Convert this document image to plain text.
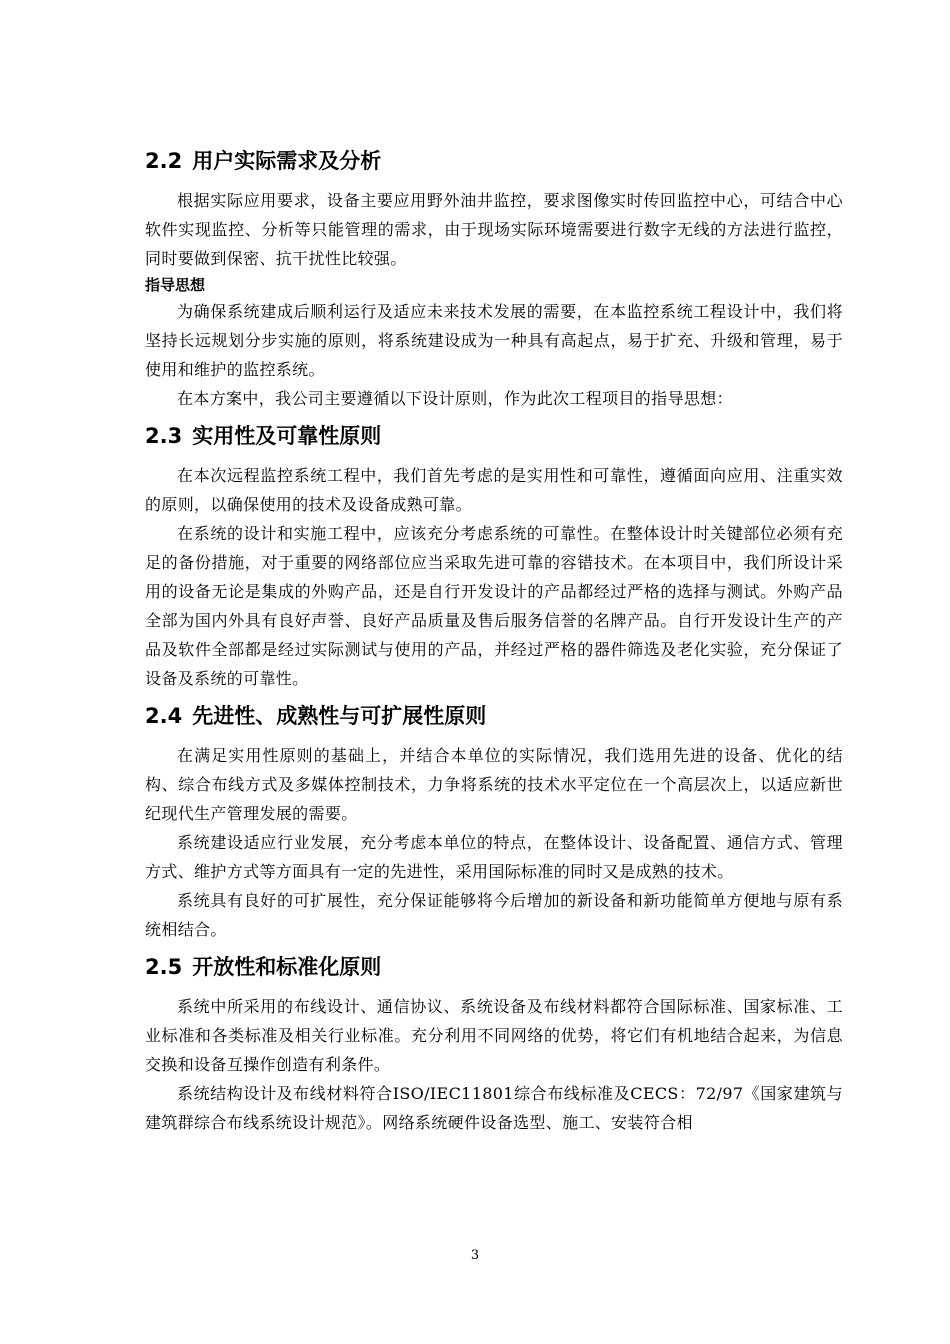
2.2 用户实际需求及分析

根据实际应用要求，设备主要应用野外油井监控，要求图像实时传回监控中心，可结合中心软件实现监控、分析等只能管理的需求，由于现场实际环境需要进行数字无线的方法进行监控，同时要做到保密、抗干扰性比较强。

指导思想

为确保系统建成后顺利运行及适应未来技术发展的需要，在本监控系统工程设计中，我们将坚持长远规划分步实施的原则，将系统建设成为一种具有高起点，易于扩充、升级和管理，易于使用和维护的监控系统。

在本方案中，我公司主要遵循以下设计原则，作为此次工程项目的指导思想：

2.3 实用性及可靠性原则

在本次远程监控系统工程中，我们首先考虑的是实用性和可靠性，遵循面向应用、注重实效的原则，以确保使用的技术及设备成熟可靠。

在系统的设计和实施工程中，应该充分考虑系统的可靠性。在整体设计时关键部位必须有充足的备份措施，对于重要的网络部位应当采取先进可靠的容错技术。在本项目中，我们所设计采用的设备无论是集成的外购产品，还是自行开发设计的产品都经过严格的选择与测试。外购产品全部为国内外具有良好声誉、良好产品质量及售后服务信誉的名牌产品。自行开发设计生产的产品及软件全部都是经过实际测试与使用的产品，并经过严格的器件筛选及老化实验，充分保证了设备及系统的可靠性。

2.4 先进性、成熟性与可扩展性原则

在满足实用性原则的基础上，并结合本单位的实际情况，我们选用先进的设备、优化的结构、综合布线方式及多媒体控制技术，力争将系统的技术水平定位在一个高层次上，以适应新世纪现代生产管理发展的需要。

系统建设适应行业发展，充分考虑本单位的特点，在整体设计、设备配置、通信方式、管理方式、维护方式等方面具有一定的先进性，采用国际标准的同时又是成熟的技术。

系统具有良好的可扩展性，充分保证能够将今后增加的新设备和新功能简单方便地与原有系统相结合。

2.5 开放性和标准化原则

系统中所采用的布线设计、通信协议、系统设备及布线材料都符合国际标准、国家标准、工业标准和各类标准及相关行业标准。充分利用不同网络的优势，将它们有机地结合起来，为信息交换和设备互操作创造有利条件。

系统结构设计及布线材料符合ISO/IEC11801综合布线标准及CECS：72/97《国家建筑与建筑群综合布线系统设计规范》。网络系统硬件设备选型、施工、安装符合相

3
